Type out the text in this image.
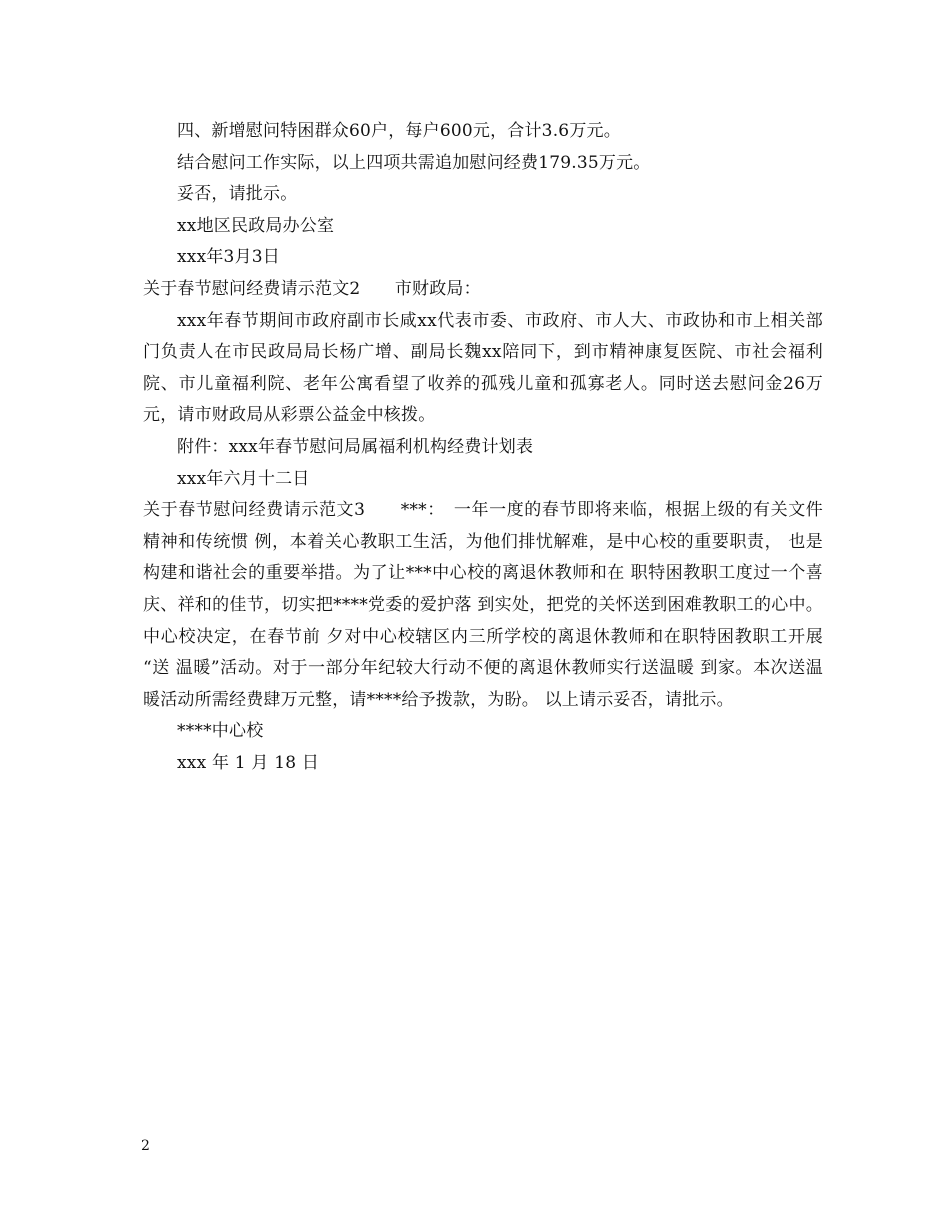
四、新增慰问特困群众60户，每户600元，合计3.6万元。

结合慰问工作实际，以上四项共需追加慰问经费179.35万元。

妥否，请批示。

xx地区民政局办公室

xxx年3月3日

关于春节慰问经费请示范文2　　市财政局：

xxx年春节期间市政府副市长咸xx代表市委、市政府、市人大、市政协和市上相关部门负责人在市民政局局长杨广增、副局长魏xx陪同下，到市精神康复医院、市社会福利院、市儿童福利院、老年公寓看望了收养的孤残儿童和孤寡老人。同时送去慰问金26万元，请市财政局从彩票公益金中核拨。

附件：xxx年春节慰问局属福利机构经费计划表

xxx年六月十二日

关于春节慰问经费请示范文3　　***：　一年一度的春节即将来临，根据上级的有关文件精神和传统惯 例，本着关心教职工生活，为他们排忧解难，是中心校的重要职责， 也是构建和谐社会的重要举措。为了让***中心校的离退休教师和在 职特困教职工度过一个喜庆、祥和的佳节，切实把****党委的爱护落 到实处，把党的关怀送到困难教职工的心中。中心校决定，在春节前 夕对中心校辖区内三所学校的离退休教师和在职特困教职工开展 “送 温暖”活动。对于一部分年纪较大行动不便的离退休教师实行送温暖 到家。本次送温暖活动所需经费肆万元整，请****给予拨款，为盼。 以上请示妥否，请批示。

****中心校

xxx 年 1 月 18 日

2
